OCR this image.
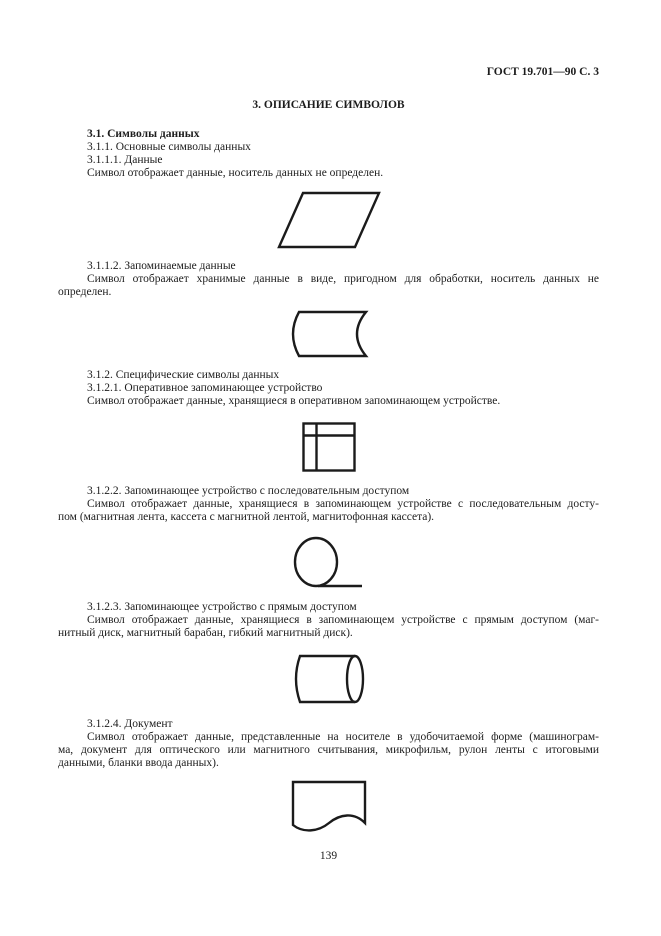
ГОСТ 19.701—90 С. 3
3. ОПИСАНИЕ СИМВОЛОВ
3.1. Символы данных
3.1.1. Основные символы данных
3.1.1.1. Данные
Символ отображает данные, носитель данных не определен.
3.1.1.2. Запоминаемые данные
Символ отображает хранимые данные в виде, пригодном для обработки, носитель данных не
определен.
3.1.2. Специфические символы данных
3.1.2.1. Оперативное запоминающее устройство
Символ отображает данные, хранящиеся в оперативном запоминающем устройстве.
3.1.2.2. Запоминающее устройство с последовательным доступом
Символ отображает данные, хранящиеся в запоминающем устройстве с последовательным досту-
пом (магнитная лента, кассета с магнитной лентой, магнитофонная кассета).
3.1.2.3. Запоминающее устройство с прямым доступом
Символ отображает данные, хранящиеся в запоминающем устройстве с прямым доступом (маг-
нитный диск, магнитный барабан, гибкий магнитный диск).
3.1.2.4. Документ
Символ отображает данные, представленные на носителе в удобочитаемой форме (машинограм-
ма, документ для оптического или магнитного считывания, микрофильм, рулон ленты с итоговыми
данными, бланки ввода данных).
139
